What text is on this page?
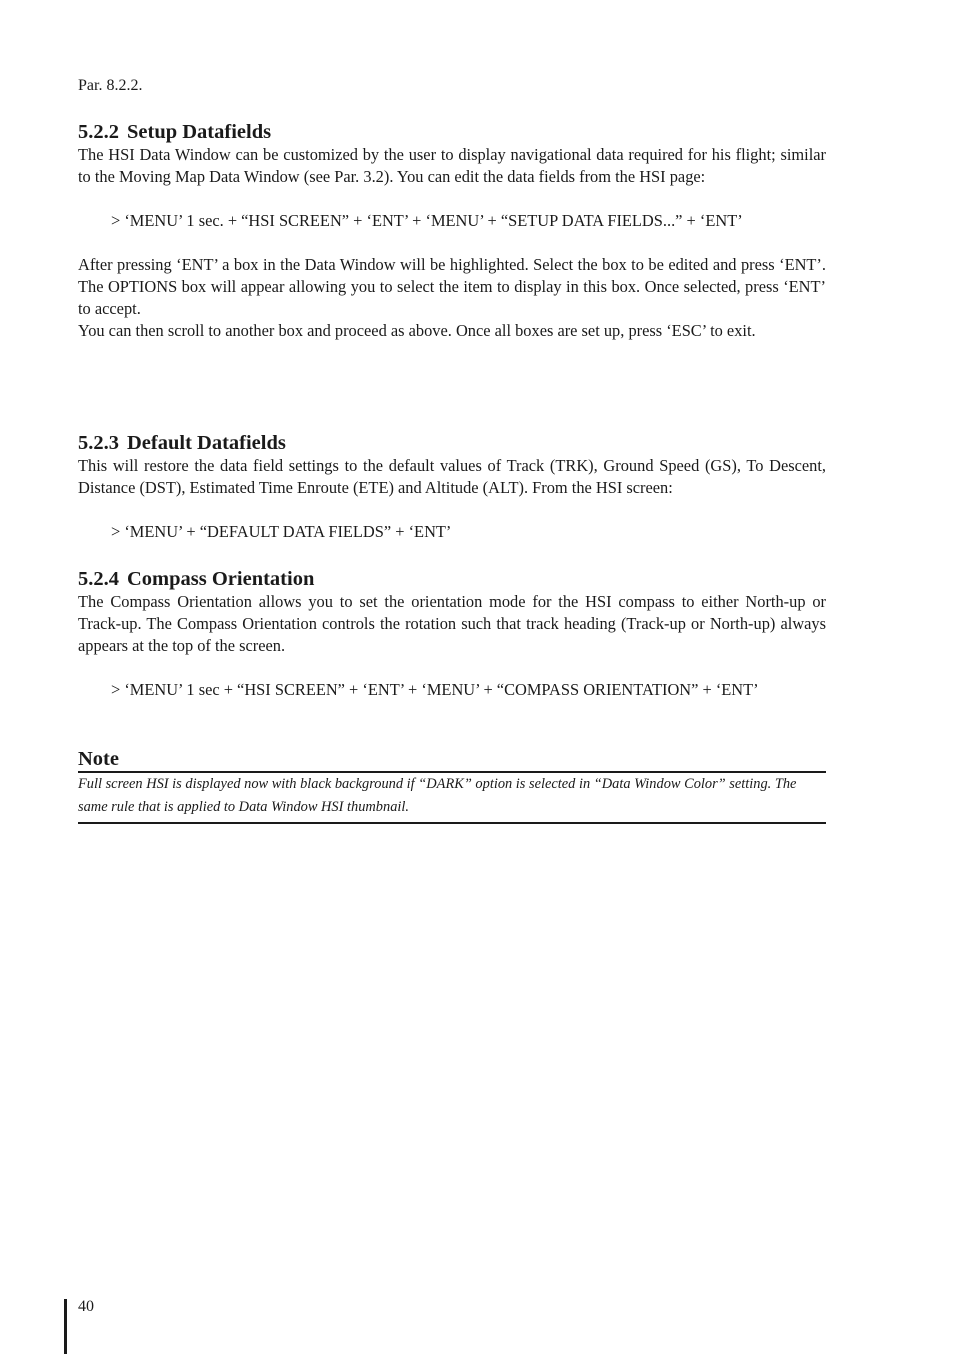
Par. 8.2.2.

5.2.2 Setup Datafields

The HSI Data Window can be customized by the user to display navigational data required for his flight; similar to the Moving Map Data Window (see Par. 3.2). You can edit the data fields from the HSI page:

> ‘MENU’ 1 sec. + “HSI SCREEN” + ‘ENT’ + ‘MENU’ + “SETUP DATA FIELDS...” + ‘ENT’

After pressing ‘ENT’ a box in the Data Window will be highlighted. Select the box to be edited and press ‘ENT’. The OPTIONS box will appear allowing you to select the item to display in this box. Once selected, press ‘ENT’ to accept.

You can then scroll to another box and proceed as above. Once all boxes are set up, press ‘ESC’ to exit.

5.2.3 Default Datafields

This will restore the data field settings to the default values of Track (TRK), Ground Speed (GS), To Descent, Distance (DST), Estimated Time Enroute (ETE) and Altitude (ALT). From the HSI screen:

> ‘MENU’ + “DEFAULT DATA FIELDS” + ‘ENT’

5.2.4 Compass Orientation

The Compass Orientation allows you to set the orientation mode for the HSI compass to either North-up or Track-up. The Compass Orientation controls the rotation such that track heading (Track-up or North-up) always appears at the top of the screen.

> ‘MENU’ 1 sec + “HSI SCREEN” + ‘ENT’ + ‘MENU’ + “COMPASS ORIENTATION” + ‘ENT’

Note

Full screen HSI is displayed now with black background if “DARK” option is selected in “Data Window Color” setting. The same rule that is applied to Data Window HSI thumbnail.

40
